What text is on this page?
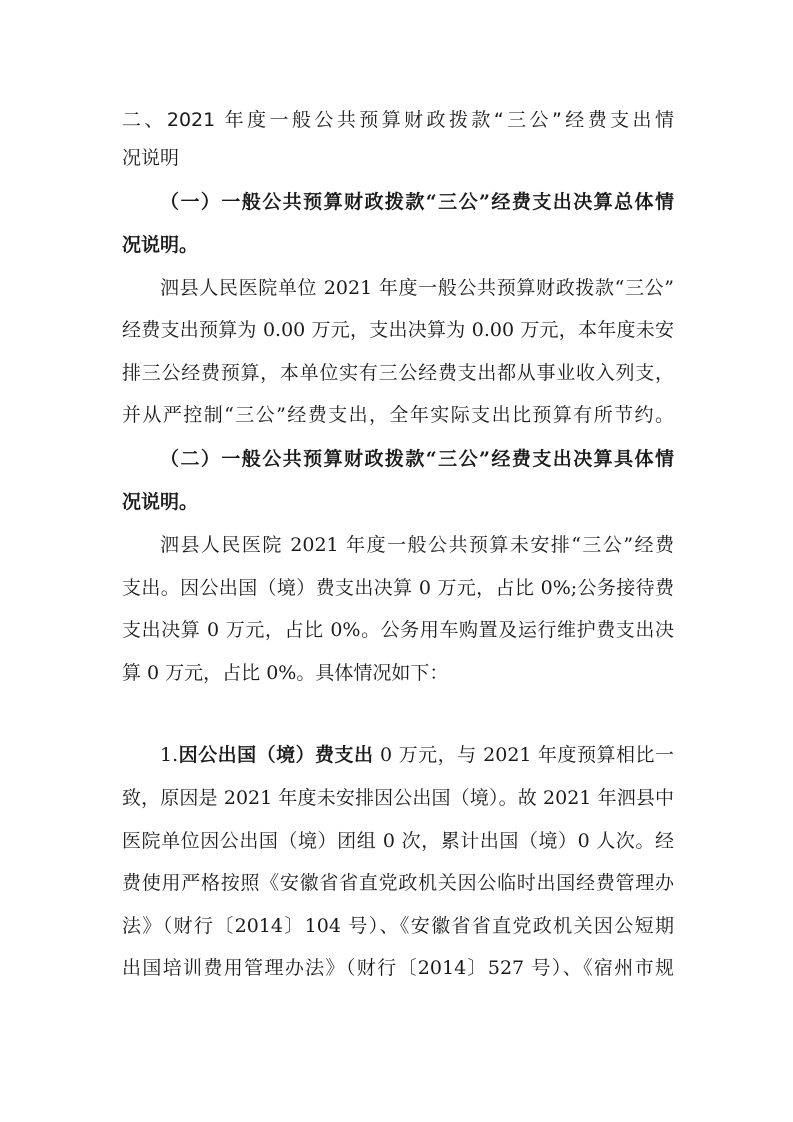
二、2021 年度一般公共预算财政拨款“三公”经费支出情
况说明
（一）一般公共预算财政拨款“三公”经费支出决算总体情
况说明。
泗县人民医院单位 2021 年度一般公共预算财政拨款“三公”
经费支出预算为 0.00 万元，支出决算为 0.00 万元，本年度未安
排三公经费预算，本单位实有三公经费支出都从事业收入列支，
并从严控制“三公”经费支出，全年实际支出比预算有所节约。
（二）一般公共预算财政拨款“三公”经费支出决算具体情
况说明。
泗县人民医院 2021 年度一般公共预算未安排“三公”经费
支出。因公出国（境）费支出决算 0 万元，占比 0%;公务接待费
支出决算 0 万元，占比 0%。公务用车购置及运行维护费支出决
算 0 万元，占比 0%。具体情况如下：
1.因公出国（境）费支出 0 万元，与 2021 年度预算相比一
致，原因是 2021 年度未安排因公出国（境）。故 2021 年泗县中
医院单位因公出国（境）团组 0 次，累计出国（境）0 人次。经
费使用严格按照《安徽省省直党政机关因公临时出国经费管理办
法》（财行〔2014〕104 号）、《安徽省省直党政机关因公短期
出国培训费用管理办法》（财行〔2014〕527 号）、《宿州市规
